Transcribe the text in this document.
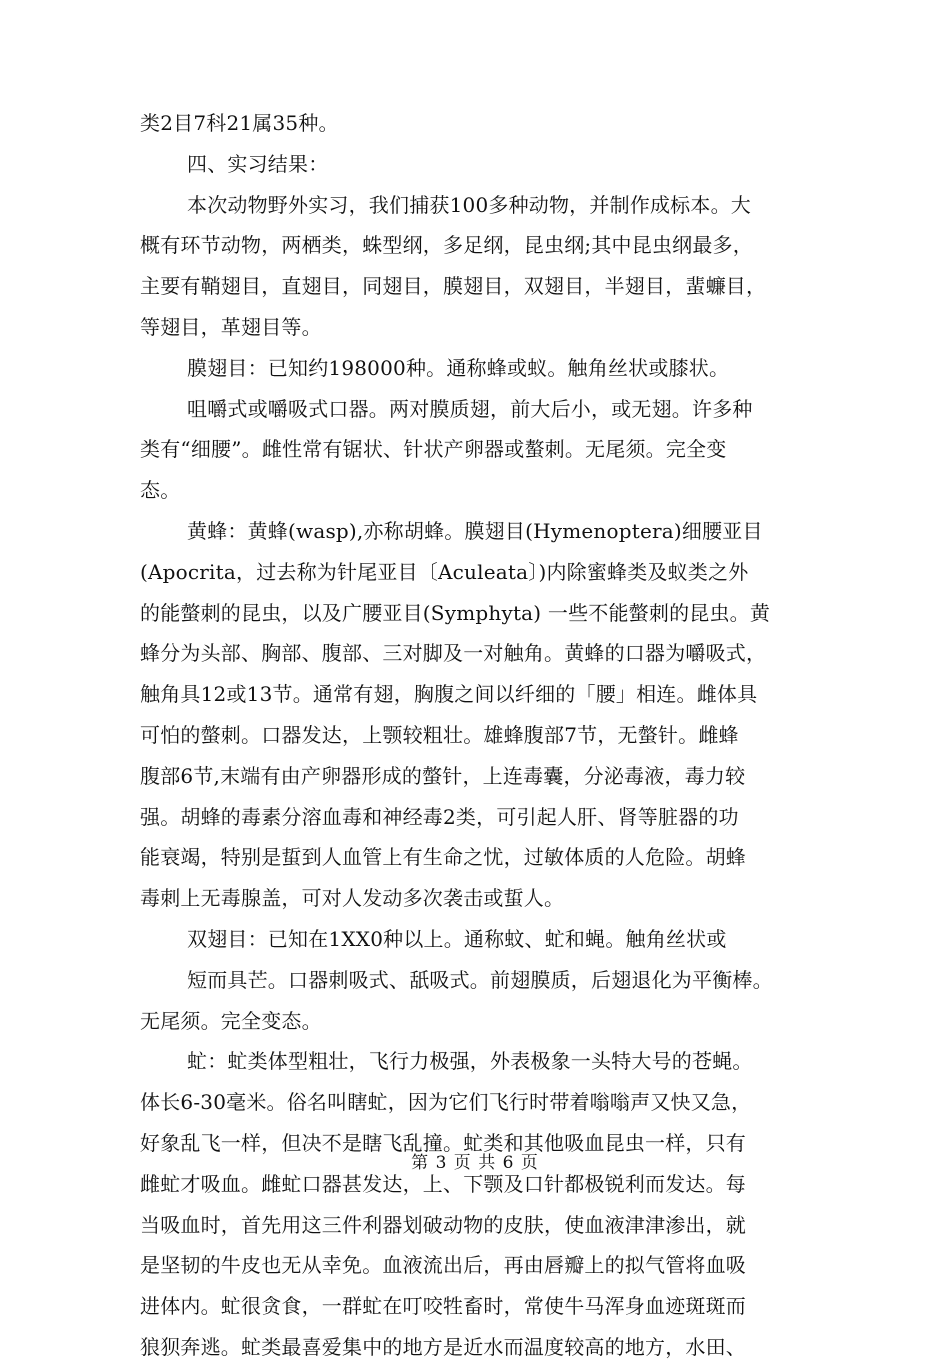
类2目7科21属35种。
四、实习结果：
本次动物野外实习，我们捕获100多种动物，并制作成标本。大
概有环节动物，两栖类，蛛型纲，多足纲，昆虫纲;其中昆虫纲最多，
主要有鞘翅目，直翅目，同翅目，膜翅目，双翅目，半翅目，蜚蠊目，
等翅目，革翅目等。
膜翅目：已知约198000种。通称蜂或蚁。触角丝状或膝状。
咀嚼式或嚼吸式口器。两对膜质翅，前大后小，或无翅。许多种
类有“细腰”。雌性常有锯状、针状产卵器或螯刺。无尾须。完全变
态。
黄蜂：黄蜂(wasp),亦称胡蜂。膜翅目(Hymenoptera)细腰亚目
(Apocrita，过去称为针尾亚目〔Aculeata〕)内除蜜蜂类及蚁类之外
的能螫刺的昆虫，以及广腰亚目(Symphyta) 一些不能螫刺的昆虫。黄
蜂分为头部、胸部、腹部、三对脚及一对触角。黄蜂的口器为嚼吸式，
触角具12或13节。通常有翅，胸腹之间以纤细的「腰」相连。雌体具
可怕的螫刺。口器发达，上颚较粗壮。雄蜂腹部7节，无螫针。雌蜂
腹部6节,末端有由产卵器形成的螫针，上连毒囊，分泌毒液，毒力较
强。胡蜂的毒素分溶血毒和神经毒2类，可引起人肝、肾等脏器的功
能衰竭，特别是蜇到人血管上有生命之忧，过敏体质的人危险。胡蜂
毒刺上无毒腺盖，可对人发动多次袭击或蜇人。
双翅目：已知在1XX0种以上。通称蚊、虻和蝇。触角丝状或
短而具芒。口器刺吸式、舐吸式。前翅膜质，后翅退化为平衡棒。
无尾须。完全变态。
虻：虻类体型粗壮，飞行力极强，外表极象一头特大号的苍蝇。
体长6-30毫米。俗名叫瞎虻，因为它们飞行时带着嗡嗡声又快又急，
好象乱飞一样，但决不是瞎飞乱撞。虻类和其他吸血昆虫一样，只有
雌虻才吸血。雌虻口器甚发达，上、下颚及口针都极锐利而发达。每
当吸血时，首先用这三件利器划破动物的皮肤，使血液津津渗出，就
是坚韧的牛皮也无从幸免。血液流出后，再由唇瓣上的拟气管将血吸
进体内。虻很贪食，一群虻在叮咬牲畜时，常使牛马浑身血迹斑斑而
狼狈奔逃。虻类最喜爱集中的地方是近水而温度较高的地方，水田、
第 3 页 共 6 页
